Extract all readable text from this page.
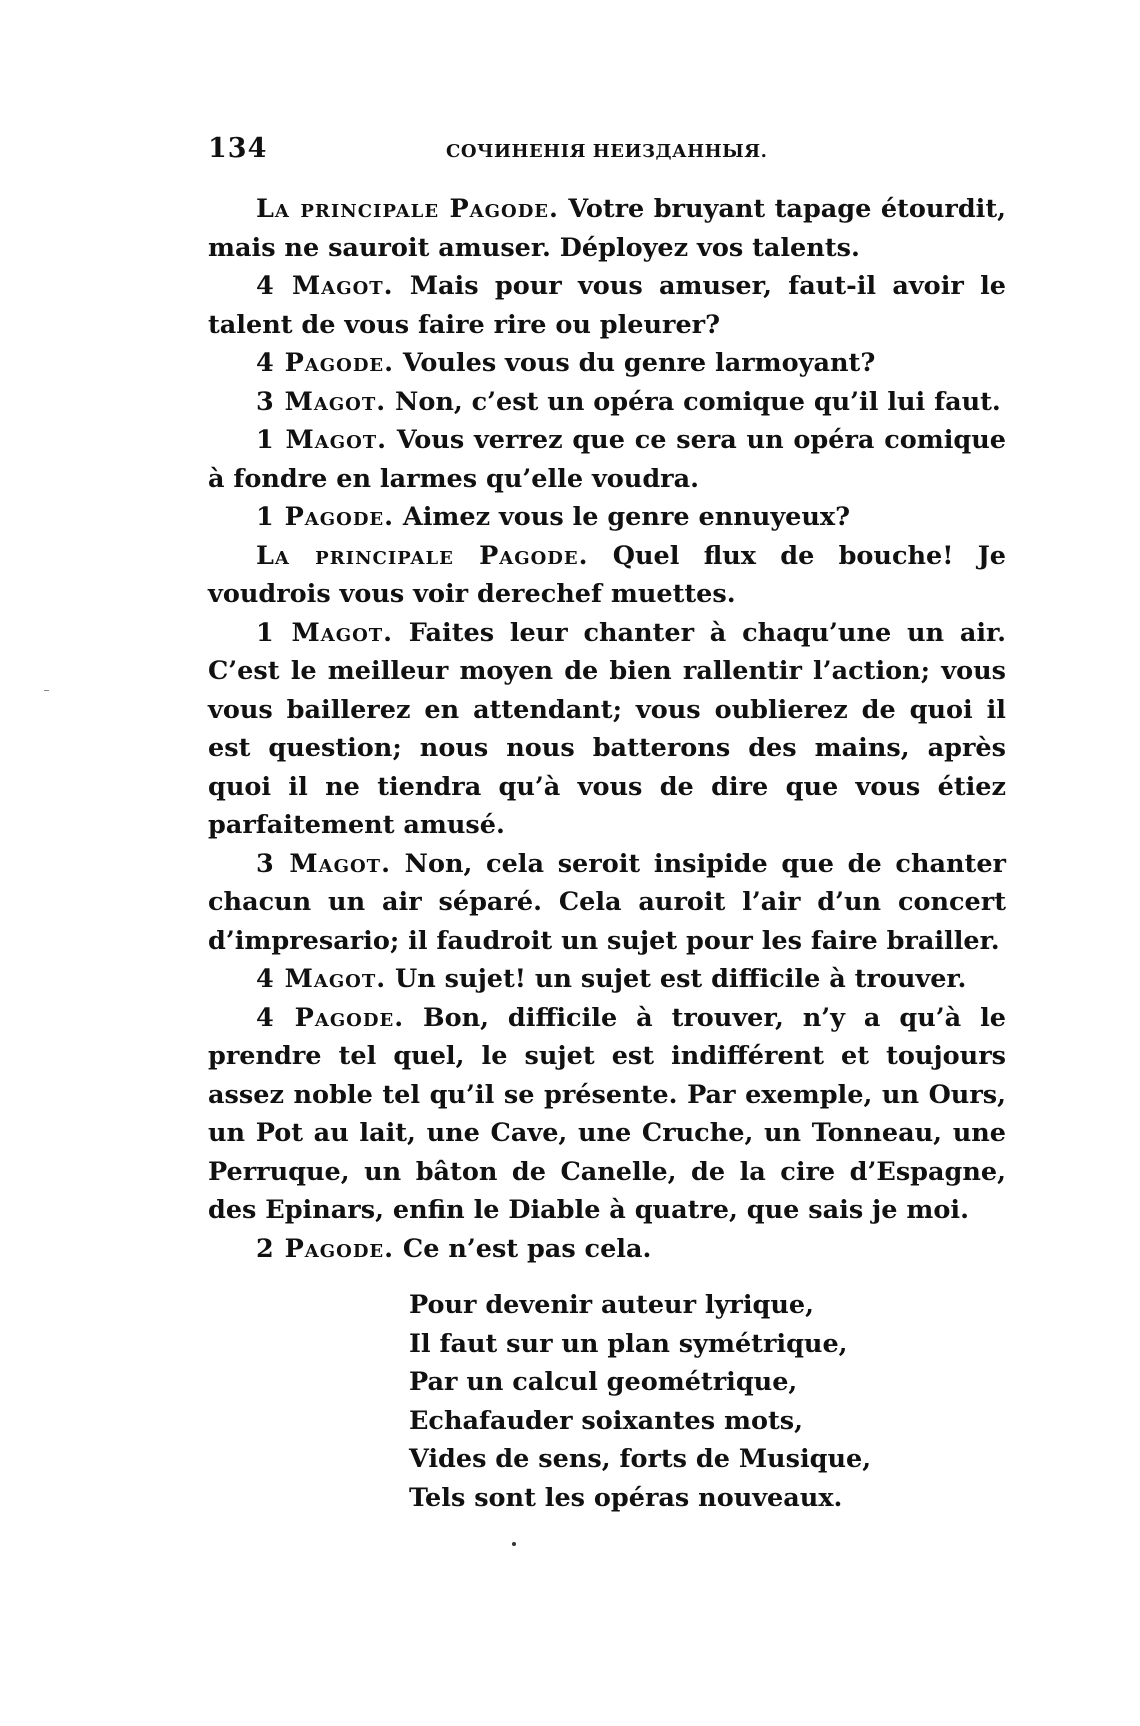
134	СОЧИНЕНIЯ НЕИЗДАННЫЯ.

La principale Pagode. Votre bruyant tapage étourdit, mais ne sauroit amuser. Déployez vos talents.

4 Magot. Mais pour vous amuser, faut-il avoir le talent de vous faire rire ou pleurer?

4 Pagode. Voules vous du genre larmoyant?

3 Magot. Non, c’est un opéra comique qu’il lui faut.

1 Magot. Vous verrez que ce sera un opéra comique à fondre en larmes qu’elle voudra.

1 Pagode. Aimez vous le genre ennuyeux?

La principale Pagode. Quel flux de bouche! Je voudrois vous voir derechef muettes.

1 Magot. Faites leur chanter à chaqu’une un air. C’est le meilleur moyen de bien rallentir l’action; vous vous baillerez en attendant; vous oublierez de quoi il est question; nous nous batterons des mains, après quoi il ne tiendra qu’à vous de dire que vous étiez parfaitement amusé.

3 Magot. Non, cela seroit insipide que de chanter chacun un air séparé. Cela auroit l’air d’un concert d’impresario; il faudroit un sujet pour les faire brailler.

4 Magot. Un sujet! un sujet est difficile à trouver.

4 Pagode. Bon, difficile à trouver, n’y a qu’à le prendre tel quel, le sujet est indifférent et toujours assez noble tel qu’il se présente. Par exemple, un Ours, un Pot au lait, une Cave, une Cruche, un Tonneau, une Perruque, un bâton de Canelle, de la cire d’Espagne, des Epinars, enfin le Diable à quatre, que sais je moi.

2 Pagode. Ce n’est pas cela.

Pour devenir auteur lyrique,
Il faut sur un plan symétrique,
Par un calcul geométrique,
Echafauder soixantes mots,
Vides de sens, forts de Musique,
Tels sont les opéras nouveaux.
